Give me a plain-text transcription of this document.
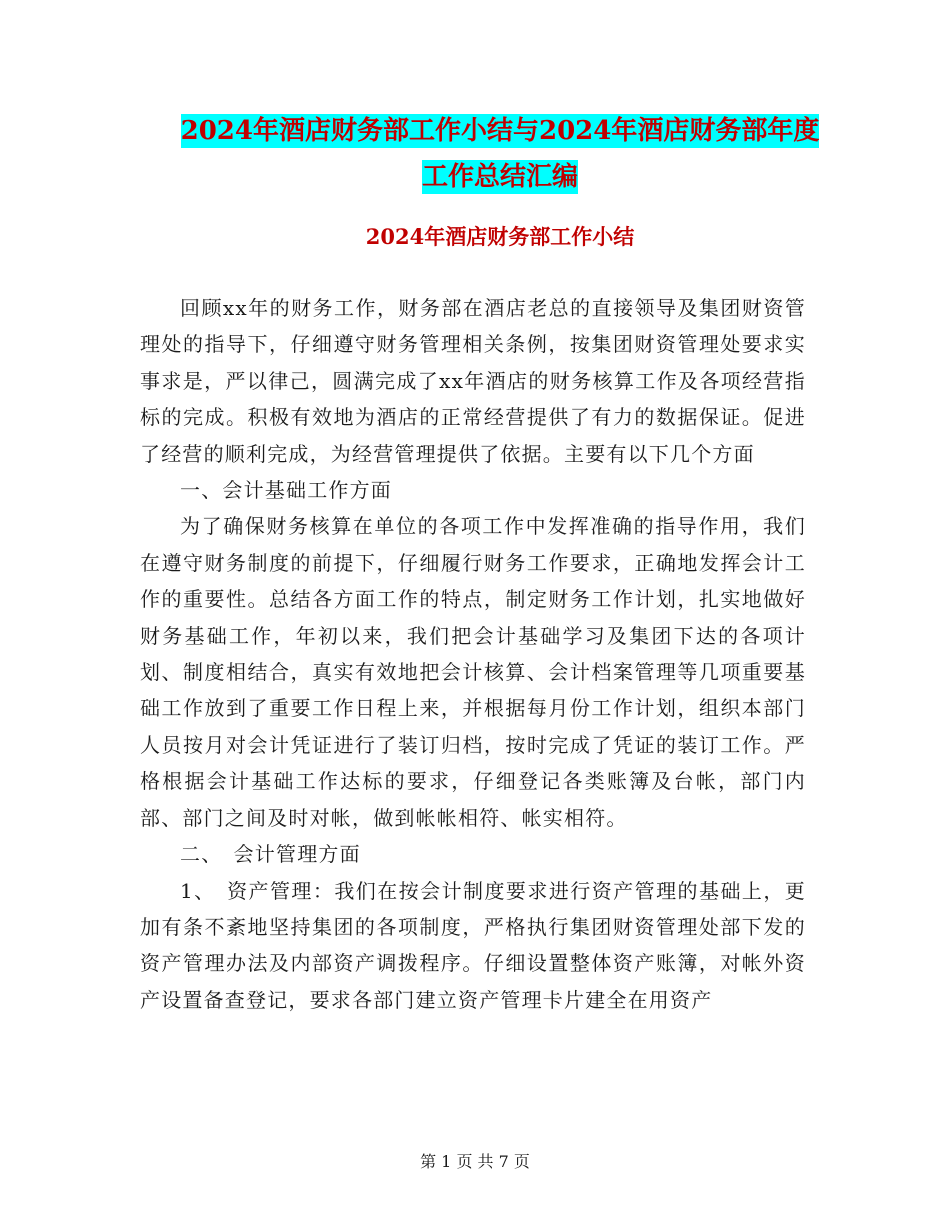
2024年酒店财务部工作小结与2024年酒店财务部年度
工作总结汇编
2024年酒店财务部工作小结

回顾xx年的财务工作，财务部在酒店老总的直接领导及集团财资管理处的指导下，仔细遵守财务管理相关条例，按集团财资管理处要求实事求是，严以律己，圆满完成了xx年酒店的财务核算工作及各项经营指标的完成。积极有效地为酒店的正常经营提供了有力的数据保证。促进了经营的顺利完成，为经营管理提供了依据。主要有以下几个方面

一、会计基础工作方面

为了确保财务核算在单位的各项工作中发挥准确的指导作用，我们在遵守财务制度的前提下，仔细履行财务工作要求，正确地发挥会计工作的重要性。总结各方面工作的特点，制定财务工作计划，扎实地做好财务基础工作，年初以来，我们把会计基础学习及集团下达的各项计划、制度相结合，真实有效地把会计核算、会计档案管理等几项重要基础工作放到了重要工作日程上来，并根据每月份工作计划，组织本部门人员按月对会计凭证进行了装订归档，按时完成了凭证的装订工作。严格根据会计基础工作达标的要求，仔细登记各类账簿及台帐，部门内部、部门之间及时对帐，做到帐帐相符、帐实相符。

二、　会计管理方面

1、　资产管理：我们在按会计制度要求进行资产管理的基础上，更加有条不紊地坚持集团的各项制度，严格执行集团财资管理处部下发的资产管理办法及内部资产调拨程序。仔细设置整体资产账簿，对帐外资产设置备查登记，要求各部门建立资产管理卡片建全在用资产

第 1 页 共 7 页
